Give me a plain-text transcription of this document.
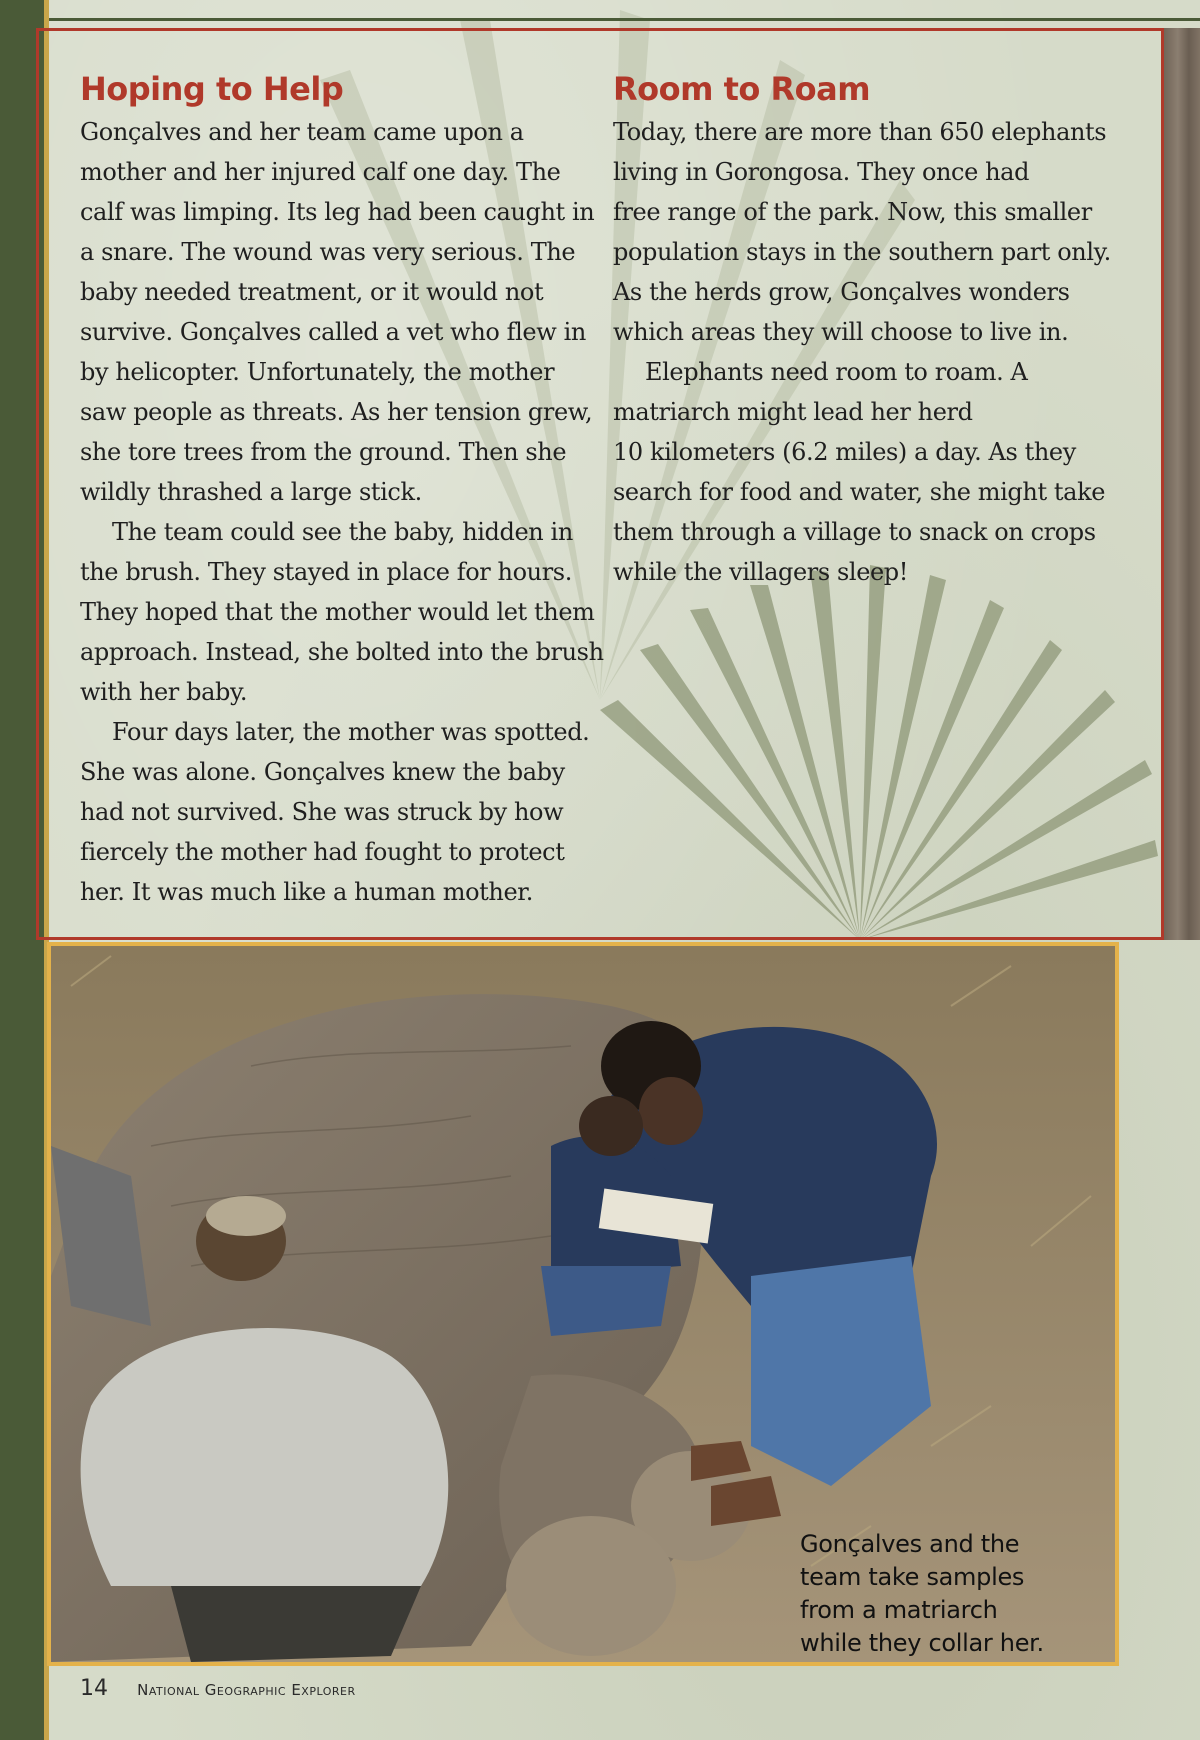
Hoping to Help

Gonçalves and her team came upon a
mother and her injured calf one day. The
calf was limping. Its leg had been caught in
a snare. The wound was very serious. The
baby needed treatment, or it would not
survive. Gonçalves called a vet who flew in
by helicopter. Unfortunately, the mother
saw people as threats. As her tension grew,
she tore trees from the ground. Then she
wildly thrashed a large stick.

The team could see the baby, hidden in
the brush. They stayed in place for hours.
They hoped that the mother would let them
approach. Instead, she bolted into the brush
with her baby.

Four days later, the mother was spotted.
She was alone. Gonçalves knew the baby
had not survived. She was struck by how
fiercely the mother had fought to protect
her. It was much like a human mother.

Room to Roam

Today, there are more than 650 elephants
living in Gorongosa. They once had
free range of the park. Now, this smaller
population stays in the southern part only.
As the herds grow, Gonçalves wonders
which areas they will choose to live in.

Elephants need room to roam. A
matriarch might lead her herd
10 kilometers (6.2 miles) a day. As they
search for food and water, she might take
them through a village to snack on crops
while the villagers sleep!

Gonçalves and the
team take samples
from a matriarch
while they collar her.
14 National Geographic Explorer
